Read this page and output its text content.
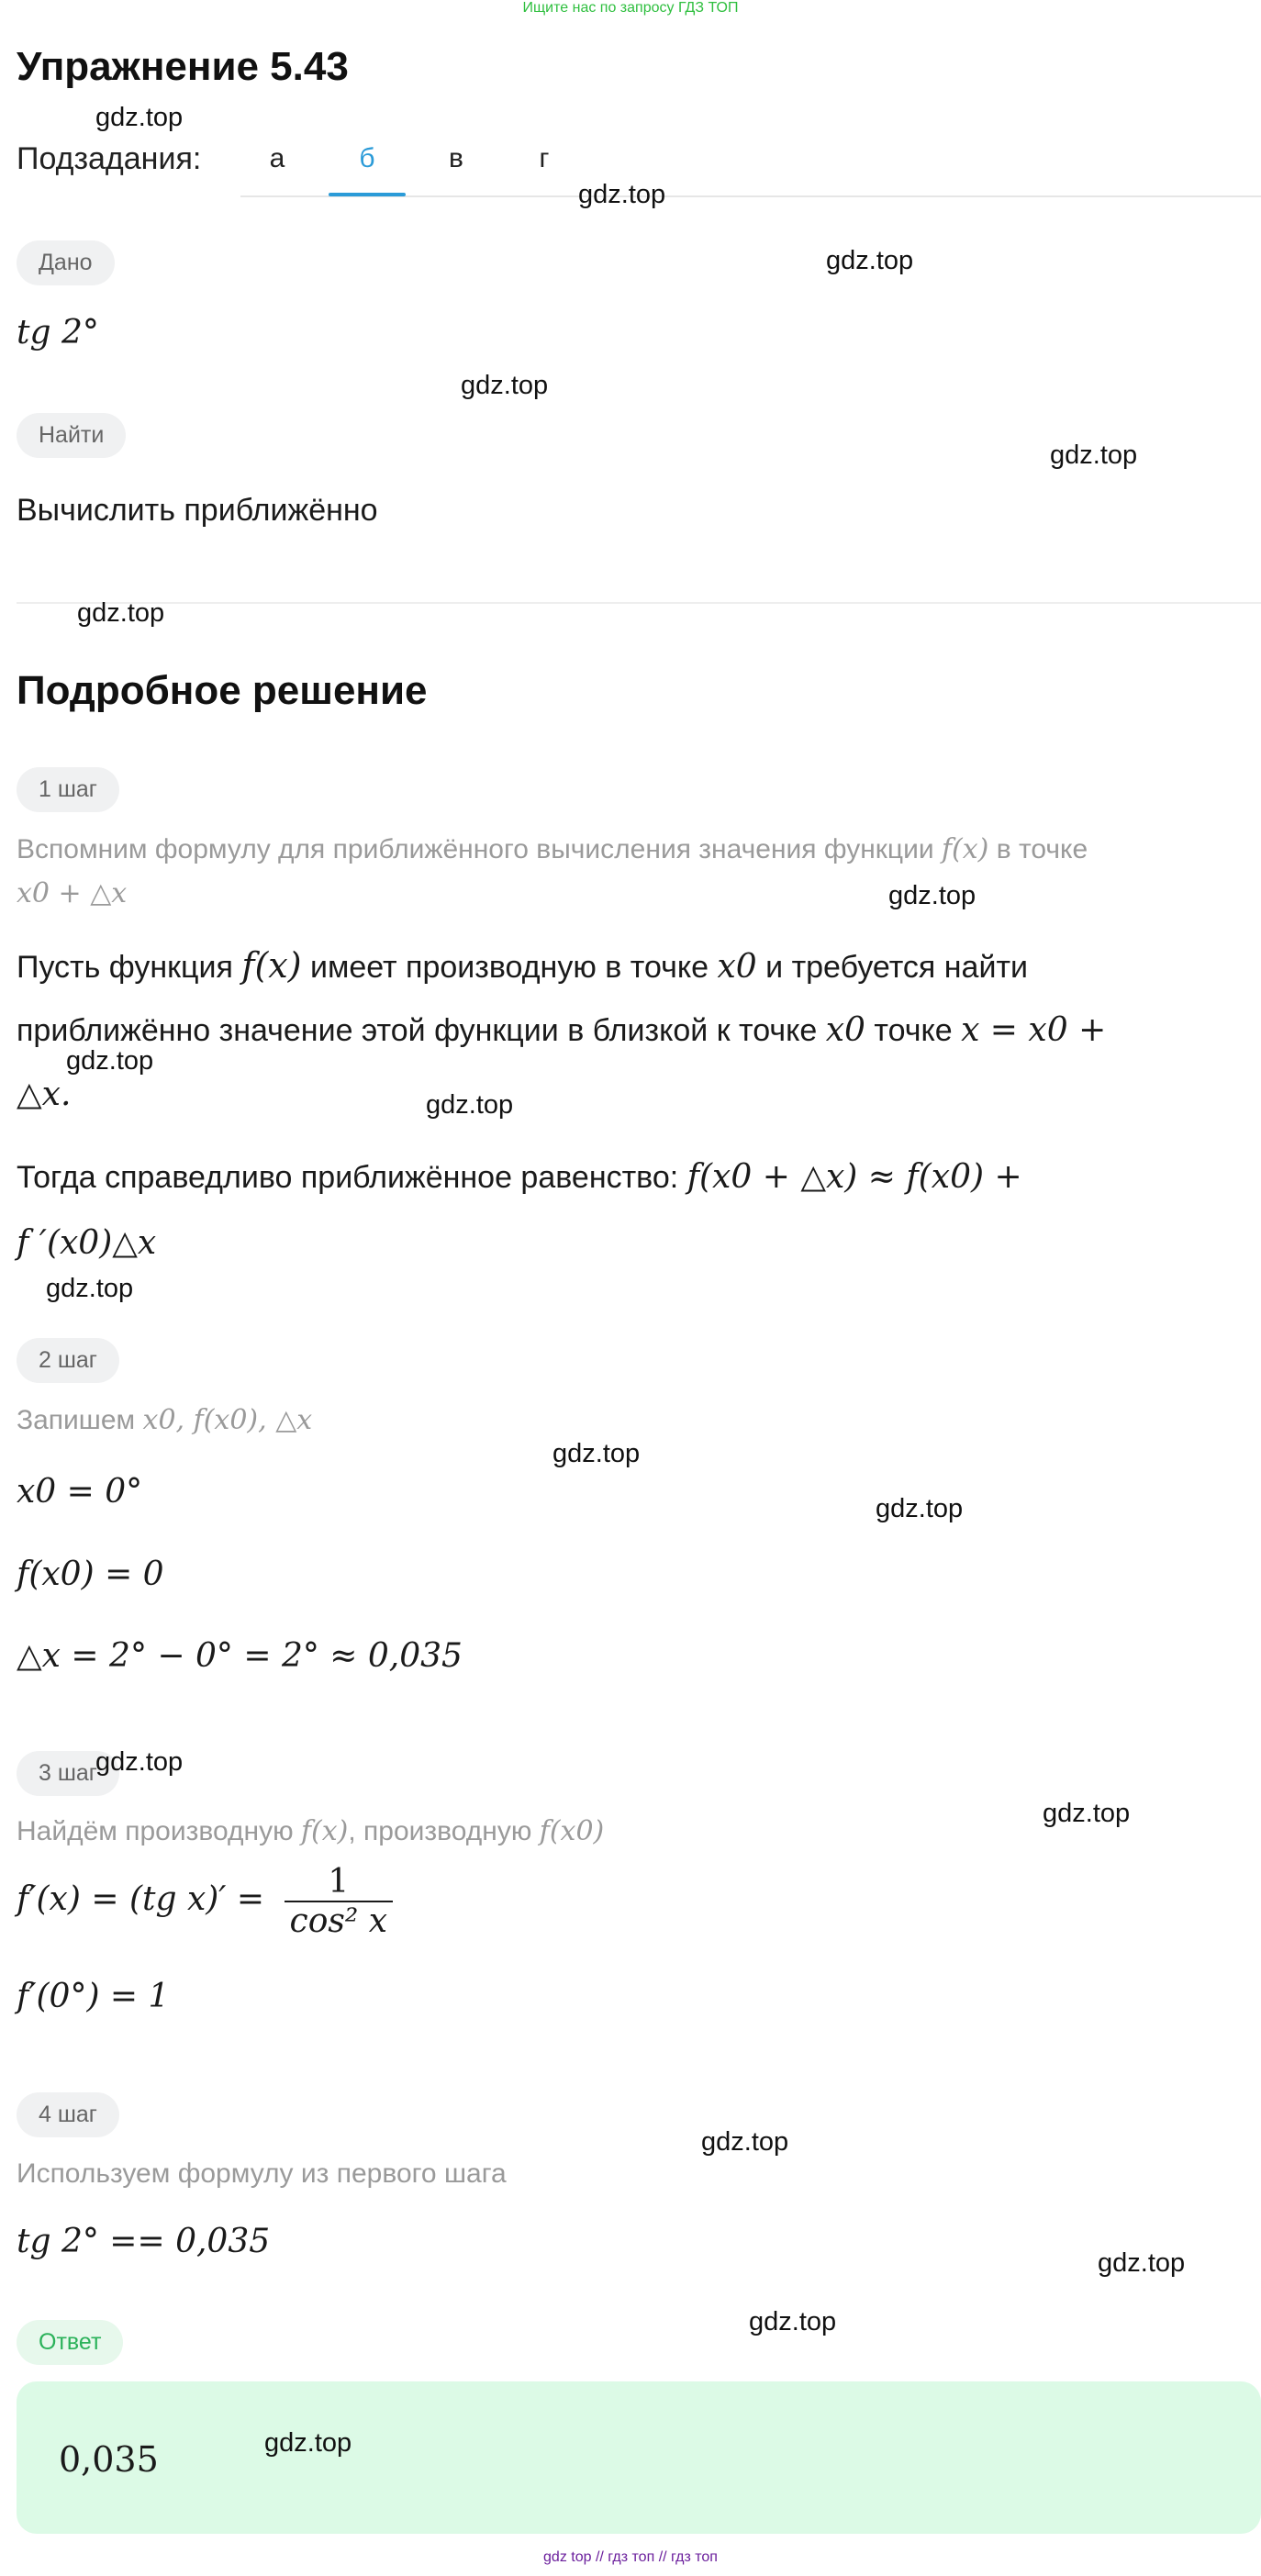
Ищите нас по запросу ГДЗ ТОП
Упражнение 5.43
Подзадания:	а	б	в	г
Дано
tg 2°
Найти
Вычислить приближённо
Подробное решение
1 шаг
Вспомним формулу для приближённого вычисления значения функции f(x) в точке
x0 + △x
Пусть функция f(x) имеет производную в точке x0 и требуется найти
приближённо значение этой функции в близкой к точке x0 точке x = x0 +
△x.
Тогда справедливо приближённое равенство: f(x0 + △x) ≈ f(x0) +
f ′(x0)△x
2 шаг
Запишем x0, f(x0), △x
x0 = 0°
f(x0) = 0
△x = 2° − 0° = 2° ≈ 0,035
3 шаг
Найдём производную f(x), производную f(x0)
f′(x) = (tg $x)' = \frac{1}{\text{cos² x}}$
f′(0°) = 1
4 шаг
Используем формулу из первого шага
tg 2° == 0,035
Ответ
0,035
gdz.top
gdz.top
gdz.top
gdz.top
gdz.top
gdz.top
gdz.top
gdz.top
gdz.top
gdz.top
gdz.top
gdz.top
gdz.top
gdz.top
gdz.top
gdz.top
gdz.top
gdz.top
gdz top // гдз топ // гдз топ
